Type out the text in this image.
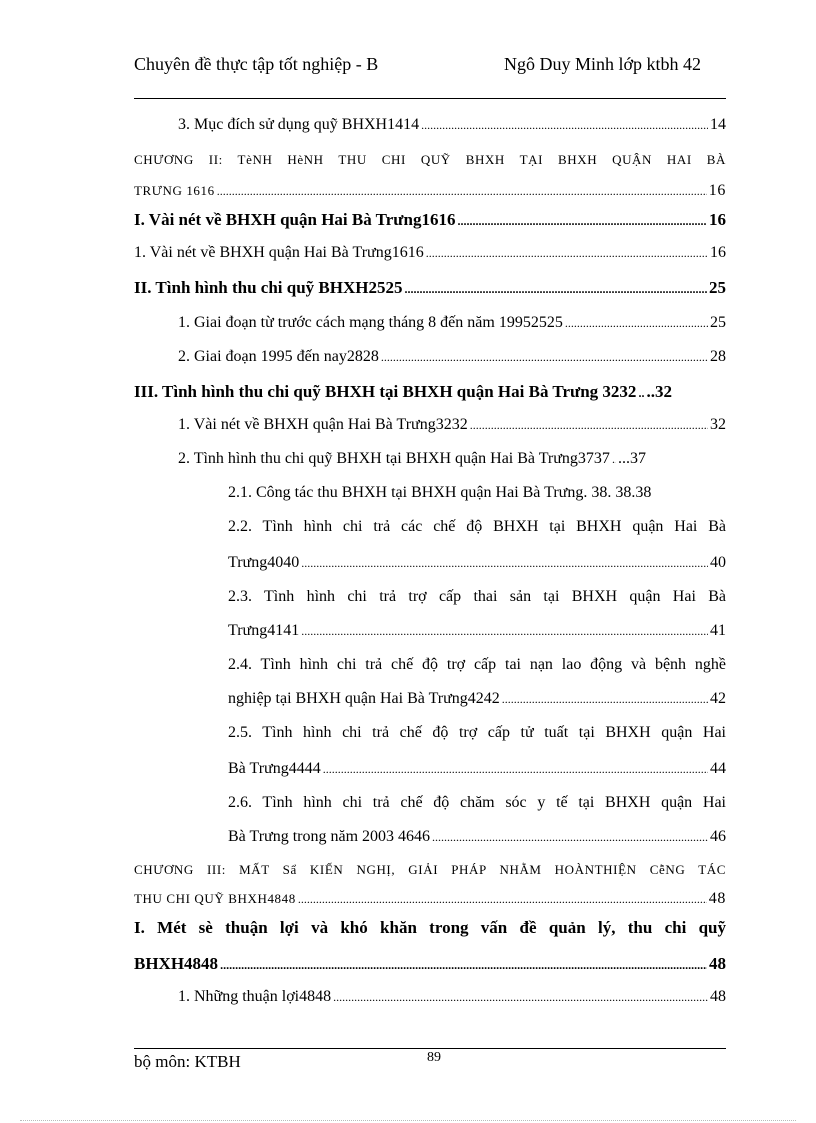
Chuyên đề thực tập tốt nghiệp - B	Ngô Duy Minh lớp ktbh 42
3. Mục đích sử dụng quỹ BHXH1414 .....	14
CHƯƠNG II: TèNH HèNH THU CHI QUỸ BHXH TẠI BHXH QUẬN HAI BÀ
TRƯNG 1616 .....	16
I. Vài nét về BHXH quận Hai Bà Trưng1616 .....	16
1. Vài nét về BHXH quận Hai Bà Trưng1616 .....	16
II. Tình hình thu chi quỹ BHXH2525 .....	25
1. Giai đoạn từ trước cách mạng tháng 8 đến năm 19952525 .....	25
2. Giai đoạn 1995 đến nay2828 .....	28
III. Tình hình thu chi quỹ BHXH tại BHXH quận Hai Bà Trưng 3232 ..... ..32
1. Vài nét về BHXH quận Hai Bà Trưng3232 .....	32
2. Tình hình thu chi quỹ BHXH tại BHXH quận Hai Bà Trưng3737 ..... ...37
2.1. Công tác thu BHXH tại BHXH quận Hai Bà Trưng. 38. 38.38
2.2. Tình hình chi trả các chế độ BHXH tại BHXH quận Hai Bà
Trưng4040 .....	40
2.3. Tình hình chi trả trợ cấp thai sản tại BHXH quận Hai Bà
Trưng4141 .....	41
2.4. Tình hình chi trả chế độ trợ cấp tai nạn lao động và bệnh nghề
nghiệp tại BHXH quận Hai Bà Trưng4242 .....	42
2.5. Tình hình chi trả chế độ trợ cấp tử tuất tại BHXH quận Hai
Bà Trưng4444 .....	44
2.6. Tình hình chi trả chế độ chăm sóc y tế tại BHXH quận Hai
Bà Trưng trong năm 2003 4646 .....	46
CHƯƠNG III: MẤT Sẩ KIẾN NGHỊ, GIẢI PHÁP NHẰM HOÀNTHIỆN CễNG TÁC
THU CHI QUỸ BHXH4848 .....	48
I. Mét sè thuận lợi và khó khăn trong vấn đề quản lý, thu chi quỹ
BHXH4848 .....	48
1. Những thuận lợi4848 .....	48
bộ môn: KTBH	89
